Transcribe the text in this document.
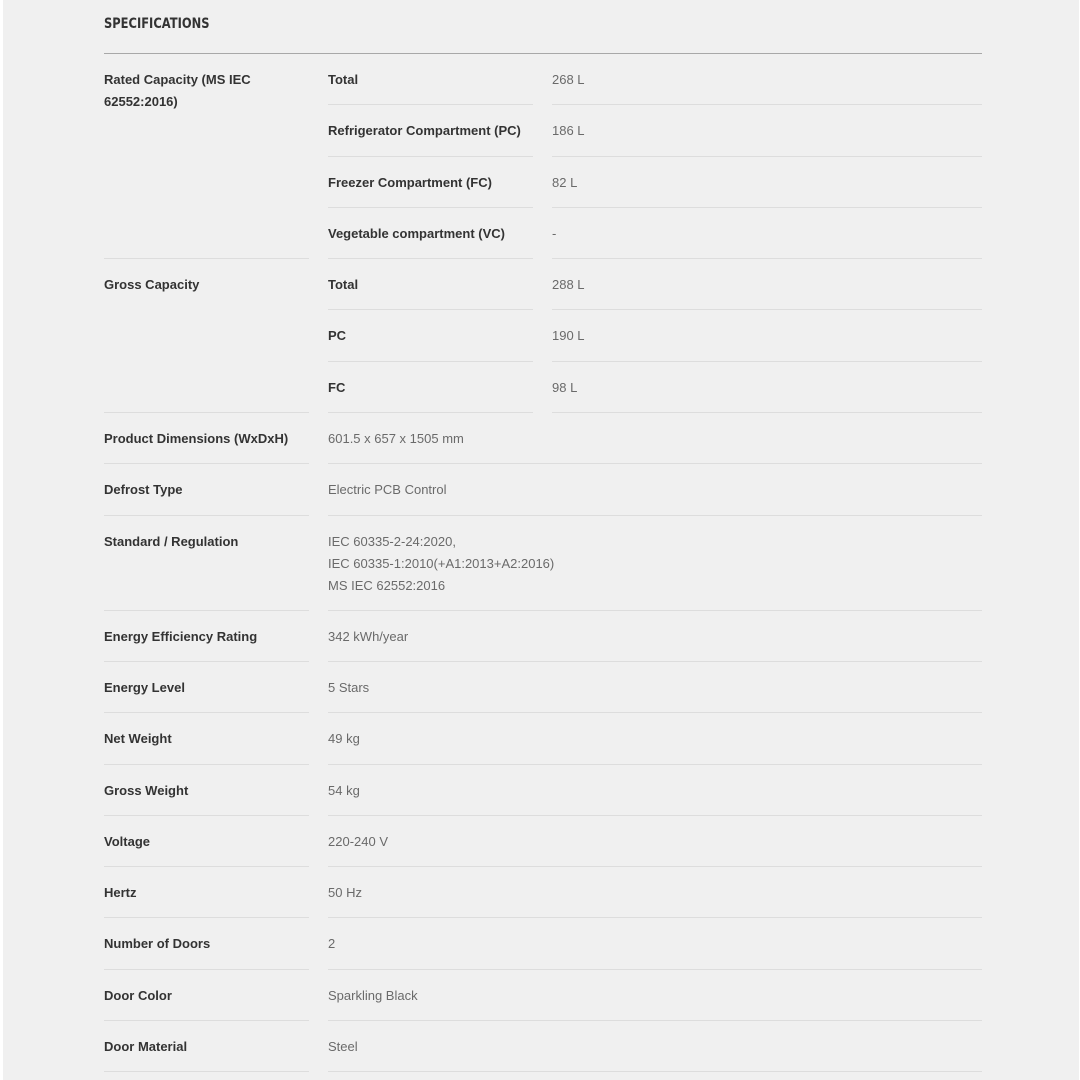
SPECIFICATIONS
Rated Capacity (MS IEC 62552:2016)
Total	268 L
Refrigerator Compartment (PC)	186 L
Freezer Compartment (FC)	82 L
Vegetable compartment (VC)	-
Gross Capacity	Total	288 L
PC	190 L
FC	98 L
Product Dimensions (WxDxH)	601.5 x 657 x 1505 mm
Defrost Type	Electric PCB Control
Standard / Regulation	IEC 60335-2-24:2020,
IEC 60335-1:2010(+A1:2013+A2:2016)
MS IEC 62552:2016
Energy Efficiency Rating	342 kWh/year
Energy Level	5 Stars
Net Weight	49 kg
Gross Weight	54 kg
Voltage	220-240 V
Hertz	50 Hz
Number of Doors	2
Door Color	Sparkling Black
Door Material	Steel
